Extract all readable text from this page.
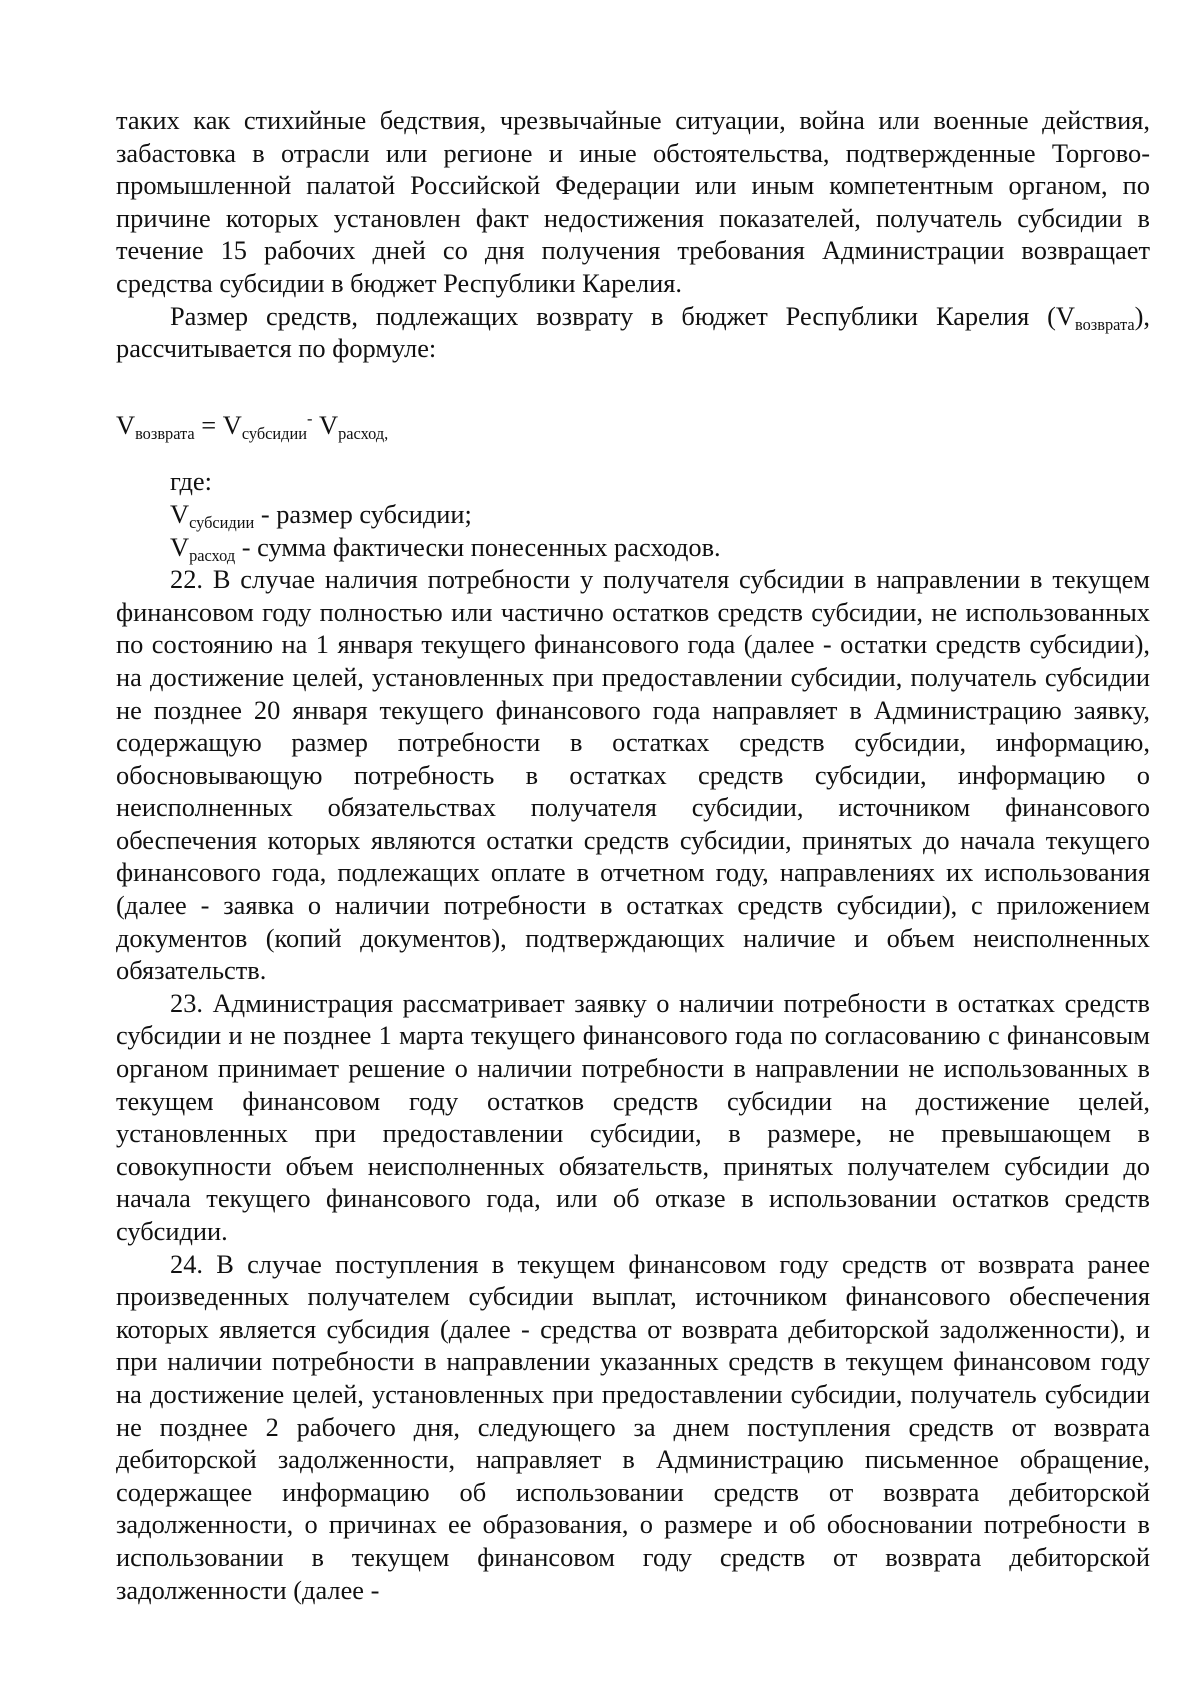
таких как стихийные бедствия, чрезвычайные ситуации, война или военные действия, забастовка в отрасли или регионе и иные обстоятельства, подтвержденные Торгово-промышленной палатой Российской Федерации или иным компетентным органом, по причине которых установлен факт недостижения показателей, получатель субсидии в течение 15 рабочих дней со дня получения требования Администрации возвращает средства субсидии в бюджет Республики Карелия.

Размер средств, подлежащих возврату в бюджет Республики Карелия $(V_{возврата})$, рассчитывается по формуле:

$V_{возврата} = V_{субсидии}^-$ $V_{расход,}$

где:

$V_{субсидии}$ - размер субсидии;

$V_{расход}$ - сумма фактически понесенных расходов.

22. В случае наличия потребности у получателя субсидии в направлении в текущем финансовом году полностью или частично остатков средств субсидии, не использованных по состоянию на 1 января текущего финансового года (далее - остатки средств субсидии), на достижение целей, установленных при предоставлении субсидии, получатель субсидии не позднее 20 января текущего финансового года направляет в Администрацию заявку, содержащую размер потребности в остатках средств субсидии, информацию, обосновывающую потребность в остатках средств субсидии, информацию о неисполненных обязательствах получателя субсидии, источником финансового обеспечения которых являются остатки средств субсидии, принятых до начала текущего финансового года, подлежащих оплате в отчетном году, направлениях их использования (далее - заявка о наличии потребности в остатках средств субсидии), с приложением документов (копий документов), подтверждающих наличие и объем неисполненных обязательств.

23. Администрация рассматривает заявку о наличии потребности в остатках средств субсидии и не позднее 1 марта текущего финансового года по согласованию с финансовым органом принимает решение о наличии потребности в направлении не использованных в текущем финансовом году остатков средств субсидии на достижение целей, установленных при предоставлении субсидии, в размере, не превышающем в совокупности объем неисполненных обязательств, принятых получателем субсидии до начала текущего финансового года, или об отказе в использовании остатков средств субсидии.

24. В случае поступления в текущем финансовом году средств от возврата ранее произведенных получателем субсидии выплат, источником финансового обеспечения которых является субсидия (далее - средства от возврата дебиторской задолженности), и при наличии потребности в направлении указанных средств в текущем финансовом году на достижение целей, установленных при предоставлении субсидии, получатель субсидии не позднее 2 рабочего дня, следующего за днем поступления средств от возврата дебиторской задолженности, направляет в Администрацию письменное обращение, содержащее информацию об использовании средств от возврата дебиторской задолженности, о причинах ее образования, о размере и об обосновании потребности в использовании в текущем финансовом году средств от возврата дебиторской задолженности (далее -
